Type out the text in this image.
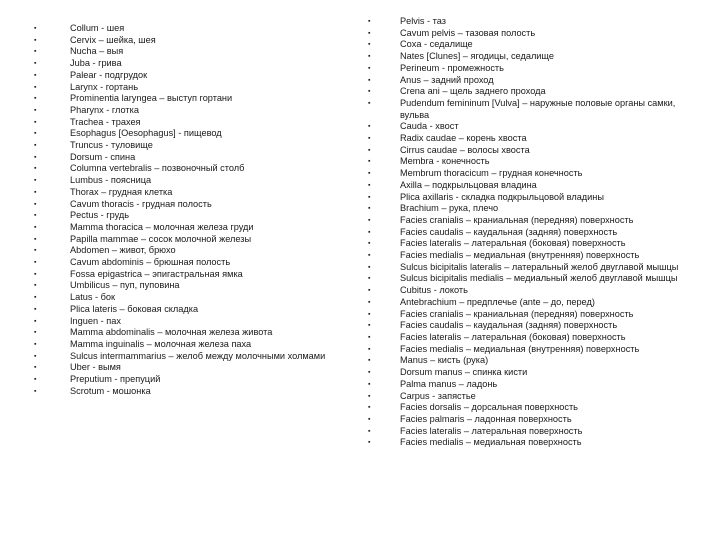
▪	Collum - шея
▪	Cervix – шейка, шея
▪	Nucha – выя
▪	Juba - грива
▪	Palear - подгрудок
▪	Larynx - гортань
▪	Prominentia laryngea – выступ гортани
▪	Pharynx - глотка
▪	Trachea - трахея
▪	Esophagus [Oesophagus] - пищевод
▪	Truncus - туловище
▪	Dorsum - спина
▪	Columna vertebralis – позвоночный столб
▪	Lumbus - поясница
▪	Thorax – грудная клетка
▪	Cavum thoracis - грудная полость
▪	Pectus - грудь
▪	Mamma thoracica – молочная железа груди
▪	Papilla mammae – сосок молочной железы
▪	Abdomen – живот, брюхо
▪	Cavum abdominis – брюшная полость
▪	Fossa epigastrica – эпигастральная ямка
▪	Umbilicus – пуп, пуповина
▪	Latus - бок
▪	Plica lateris – боковая складка
▪	Inguen - пах
▪	Mamma abdominalis – молочная железа живота
▪	Mamma inguinalis – молочная железа паха
▪	Sulcus intermammarius – желоб между молочными холмами
▪	Uber - вымя
▪	Preputium - препуций
▪	Scrotum - мошонка
▪	Pelvis - таз
▪	Cavum pelvis – тазовая полость
▪	Coxa - седалище
▪	Nates [Clunes] – ягодицы, седалище
▪	Perineum - промежность
▪	Anus – задний проход
▪	Crena ani – щель заднего прохода
▪	Pudendum femininum [Vulva] – наружные половые органы самки, вульва
▪	Cauda - хвост
▪	Radix caudae – корень хвоста
▪	Cirrus caudae – волосы хвоста
▪	Membra - конечность
▪	Membrum thoracicum – грудная конечность
▪	Axilla – подкрыльцовая владина
▪	Plica axillaris - складка подкрыльцовой владины
▪	Brachium – рука, плечо
▪	Facies cranialis – краниальная (передняя) поверхность
▪	Facies caudalis – каудальная (задняя) поверхность
▪	Facies lateralis – латеральная (боковая) поверхность
▪	Facies medialis – медиальная (внутренняя) поверхность
▪	Sulcus bicipitalis lateralis – латеральный желоб двуглавой мышцы
▪	Sulcus bicipitalis medialis – медиальный желоб двуглавой мышцы
▪	Cubitus - локоть
▪	Antebrachium – предплечье (ante – до, перед)
▪	Facies cranialis – краниальная (передняя) поверхность
▪	Facies caudalis – каудальная (задняя) поверхность
▪	Facies lateralis – латеральная (боковая) поверхность
▪	Facies medialis – медиальная (внутренняя) поверхность
▪	Manus – кисть (рука)
▪	Dorsum manus – спинка кисти
▪	Palma manus – ладонь
▪	Carpus - запястье
▪	Facies dorsalis – дорсальная поверхность
▪	Facies palmaris – ладонная поверхность
▪	Facies lateralis – латеральная поверхность
▪	Facies medialis – медиальная поверхность
